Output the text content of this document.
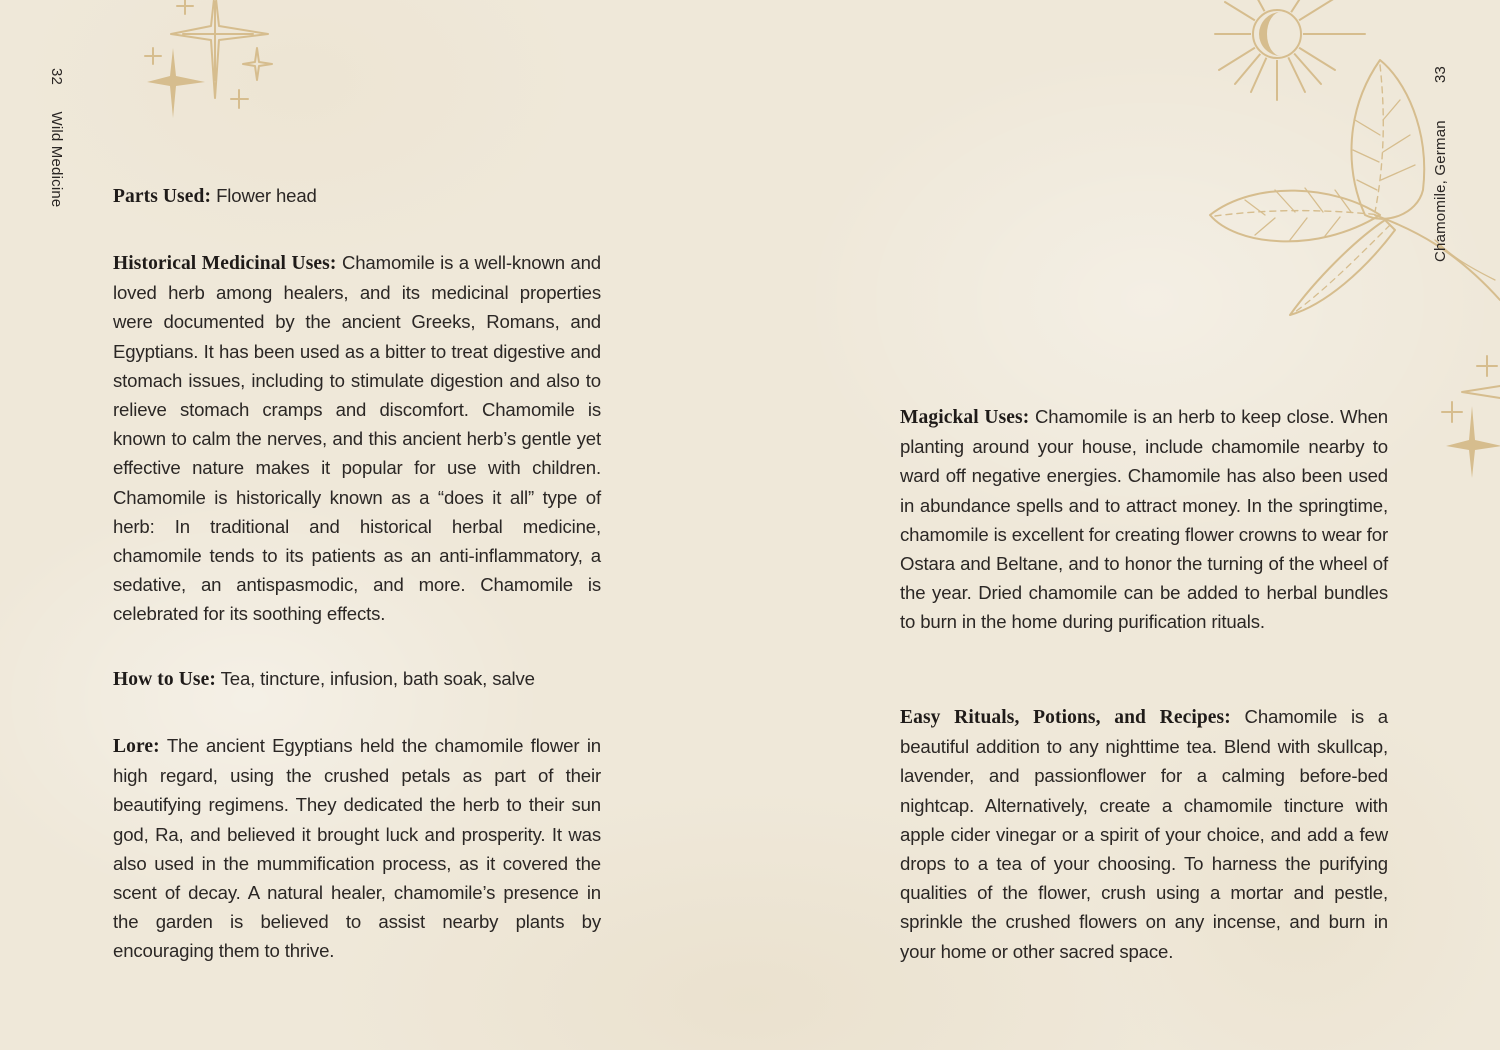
32 Wild Medicine Parts Used: Flower head
Historical Medicinal Uses: Chamomile is a well-known and loved herb among healers, and its medicinal properties were documented by the ancient Greeks, Romans, and Egyptians. It has been used as a bitter to treat digestive and stomach issues, including to stimulate digestion and also to relieve stomach cramps and discomfort. Chamomile is known to calm the nerves, and this ancient herb’s gentle yet effective nature makes it popular for use with children. Chamomile is historically known as a “does it all” type of herb: In traditional and historical herbal medicine, chamomile tends to its patients as an anti-inflammatory, a sedative, an antispasmodic, and more. Chamomile is celebrated for its soothing effects.
How to Use: Tea, tincture, infusion, bath soak, salve
Lore: The ancient Egyptians held the chamomile flower in high regard, using the crushed petals as part of their beautifying regimens. They dedicated the herb to their sun god, Ra, and believed it brought luck and prosperity. It was also used in the mummification process, as it covered the scent of decay. A natural healer, chamomile’s presence in the garden is believed to assist nearby plants by encouraging them to thrive.
Chamomile, German
33
Magickal Uses: Chamomile is an herb to keep close. When planting around your house, include chamomile nearby to ward off negative energies. Chamomile has also been used in abundance spells and to attract money. In the springtime, chamomile is excellent for creating flower crowns to wear for Ostara and Beltane, and to honor the turning of the wheel of the year. Dried chamomile can be added to herbal bundles to burn in the home during purification rituals.
Easy Rituals, Potions, and Recipes: Chamomile is a beautiful addition to any nighttime tea. Blend with skullcap, lavender, and passionflower for a calming before-bed nightcap. Alternatively, create a chamomile tincture with apple cider vinegar or a spirit of your choice, and add a few drops to a tea of your choosing. To harness the purifying qualities of the flower, crush using a mortar and pestle, sprinkle the crushed flowers on any incense, and burn in your home or other sacred space.
